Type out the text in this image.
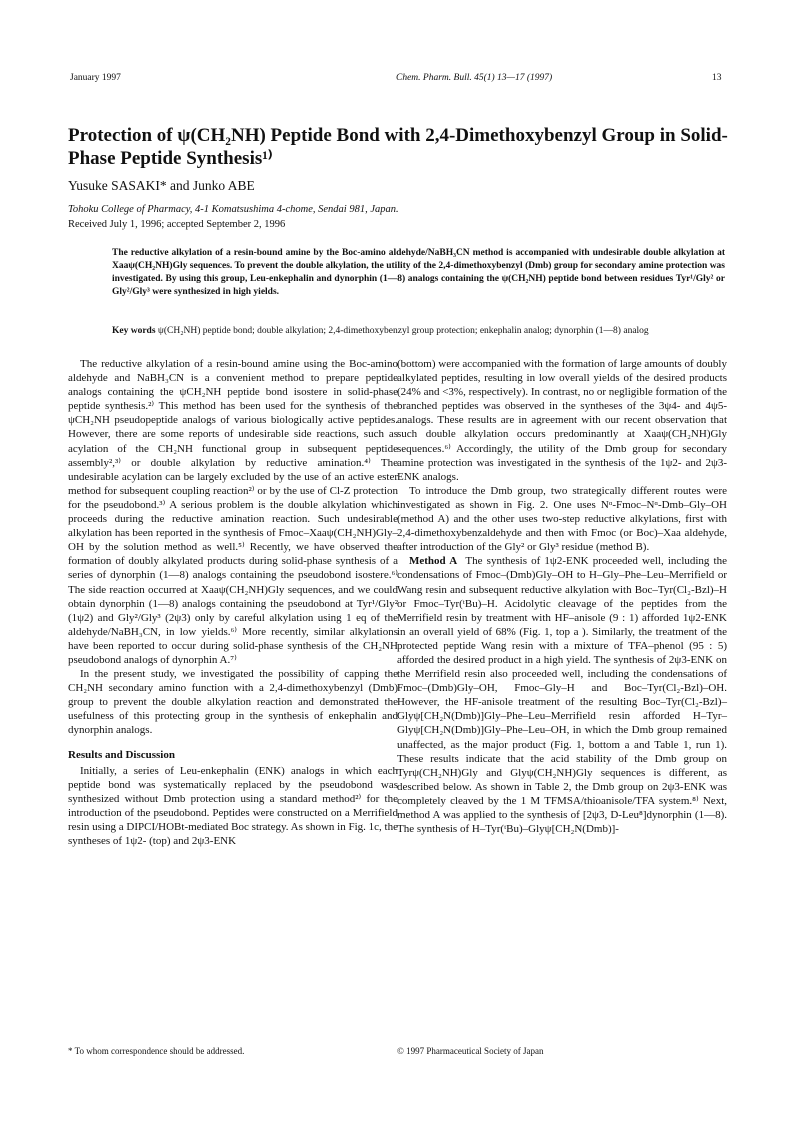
January 1997	Chem. Pharm. Bull. 45(1) 13—17 (1997)	13
Protection of ψ(CH₂NH) Peptide Bond with 2,4-Dimethoxybenzyl Group in Solid-Phase Peptide Synthesis¹⁾

Yusuke SASAKI* and Junko ABE

Tohoku College of Pharmacy, 4-1 Komatsushima 4-chome, Sendai 981, Japan.

Received July 1, 1996; accepted September 2, 1996

The reductive alkylation of a resin-bound amine by the Boc-amino aldehyde/NaBH₃CN method is accompanied with undesirable double alkylation at Xaaψ(CH₂NH)Gly sequences. To prevent the double alkylation, the utility of the 2,4-dimethoxybenzyl (Dmb) group for secondary amine protection was investigated. By using this group, Leu-enkephalin and dynorphin (1—8) analogs containing the ψ(CH₂NH) peptide bond between residues Tyr¹/Gly² or Gly²/Gly³ were synthesized in high yields.

Key words ψ(CH₂NH) peptide bond; double alkylation; 2,4-dimethoxybenzyl group protection; enkephalin analog; dynorphin (1—8) analog

The reductive alkylation of a resin-bound amine using the Boc-amino aldehyde and NaBH₃CN is a convenient method to prepare peptide analogs containing the ψCH₂NH peptide bond isostere in solid-phase peptide synthesis.²⁾ This method has been used for the synthesis of the ψCH₂NH pseudopeptide analogs of various biologically active peptides. However, there are some reports of undesirable side reactions, such as acylation of the CH₂NH functional group in subsequent peptide assembly²,³⁾ or double alkylation by reductive amination.⁴⁾ The undesirable acylation can be largely excluded by the use of an active ester method for subsequent coupling reaction²⁾ or by the use of Cl-Z protection for the pseudobond.³⁾ A serious problem is the double alkylation which proceeds during the reductive amination reaction. Such undesirable alkylation has been reported in the synthesis of Fmoc–Xaaψ(CH₂NH)Gly–OH by the solution method as well.⁵⁾ Recently, we have observed the formation of doubly alkylated products during solid-phase synthesis of a series of dynorphin (1—8) analogs containing the pseudobond isostere.⁶⁾ The side reaction occurred at Xaaψ(CH₂NH)Gly sequences, and we could obtain dynorphin (1—8) analogs containing the pseudobond at Tyr¹/Gly² (1ψ2) and Gly²/Gly³ (2ψ3) only by careful alkylation using 1 eq of the aldehyde/NaBH₃CN, in low yields.⁶⁾ More recently, similar alkylations have been reported to occur during solid-phase synthesis of the CH₂NH pseudobond analogs of dynorphin A.⁷⁾

In the present study, we investigated the possibility of capping the CH₂NH secondary amino function with a 2,4-dimethoxybenzyl (Dmb) group to prevent the double alkylation reaction and demonstrated the usefulness of this protecting group in the synthesis of enkephalin and dynorphin analogs.

Results and Discussion

Initially, a series of Leu-enkephalin (ENK) analogs in which each peptide bond was systematically replaced by the pseudobond was synthesized without Dmb protection using a standard method²⁾ for the introduction of the pseudobond. Peptides were constructed on a Merrifield resin using a DIPCI/HOBt-mediated Boc strategy. As shown in Fig. 1c, the syntheses of 1ψ2- (top) and 2ψ3-ENK

(bottom) were accompanied with the formation of large amounts of doubly alkylated peptides, resulting in low overall yields of the desired products (24% and <3%, respectively). In contrast, no or negligible formation of the branched peptides was observed in the syntheses of the 3ψ4- and 4ψ5-analogs. These results are in agreement with our recent observation that such double alkylation occurs predominantly at Xaaψ(CH₂NH)Gly sequences.⁶⁾ Accordingly, the utility of the Dmb group for secondary amine protection was investigated in the synthesis of the 1ψ2- and 2ψ3-ENK analogs.

To introduce the Dmb group, two strategically different routes were investigated as shown in Fig. 2. One uses Nᵅ-Fmoc–Nᵅ-Dmb–Gly–OH (method A) and the other uses two-step reductive alkylations, first with 2,4-dimethoxybenzaldehyde and then with Fmoc (or Boc)–Xaa aldehyde, after introduction of the Gly² or Gly³ residue (method B).

Method A The synthesis of 1ψ2-ENK proceeded well, including the condensations of Fmoc–(Dmb)Gly–OH to H–Gly–Phe–Leu–Merrifield or Wang resin and subsequent reductive alkylation with Boc–Tyr(Cl₂-Bzl)–H or Fmoc–Tyr(ᵗBu)–H. Acidolytic cleavage of the peptides from the Merrifield resin by treatment with HF–anisole (9 : 1) afforded 1ψ2-ENK in an overall yield of 68% (Fig. 1, top a ). Similarly, the treatment of the protected peptide Wang resin with a mixture of TFA–phenol (95 : 5) afforded the desired product in a high yield. The synthesis of 2ψ3-ENK on the Merrifield resin also proceeded well, including the condensations of Fmoc–(Dmb)Gly–OH, Fmoc–Gly–H and Boc–Tyr(Cl₂-Bzl)–OH. However, the HF-anisole treatment of the resulting Boc–Tyr(Cl₂-Bzl)–Glyψ[CH₂N(Dmb)]Gly–Phe–Leu–Merrifield resin afforded H–Tyr–Glyψ[CH₂N(Dmb)]Gly–Phe–Leu–OH, in which the Dmb group remained unaffected, as the major product (Fig. 1, bottom a and Table 1, run 1). These results indicate that the acid stability of the Dmb group on Tyrψ(CH₂NH)Gly and Glyψ(CH₂NH)Gly sequences is different, as described below. As shown in Table 2, the Dmb group on 2ψ3-ENK was completely cleaved by the 1 M TFMSA/thioanisole/TFA system.⁸⁾ Next, method A was applied to the synthesis of [2ψ3, D-Leu⁸]dynorphin (1—8). The synthesis of H–Tyr(ᵗBu)–Glyψ[CH₂N(Dmb)]-

* To whom correspondence should be addressed.	© 1997 Pharmaceutical Society of Japan
